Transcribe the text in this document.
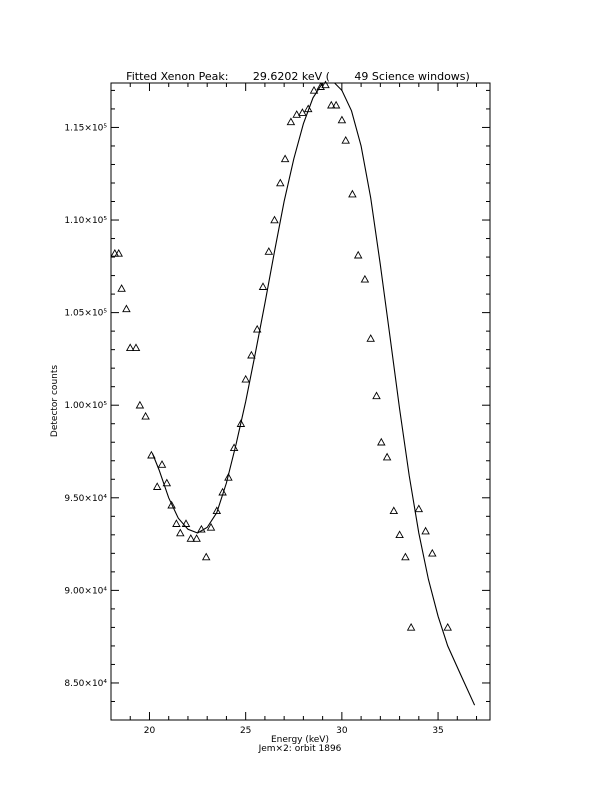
Fitted Xenon Peak:       29.6202 keV (       49 Science windows)
8.50×10⁴
9.00×10⁴
9.50×10⁴
1.00×10⁵
1.05×10⁵
1.10×10⁵
1.15×10⁵
20	25	30	35
Energy (keV)
Jem×2: orbit 1896
Detector counts
